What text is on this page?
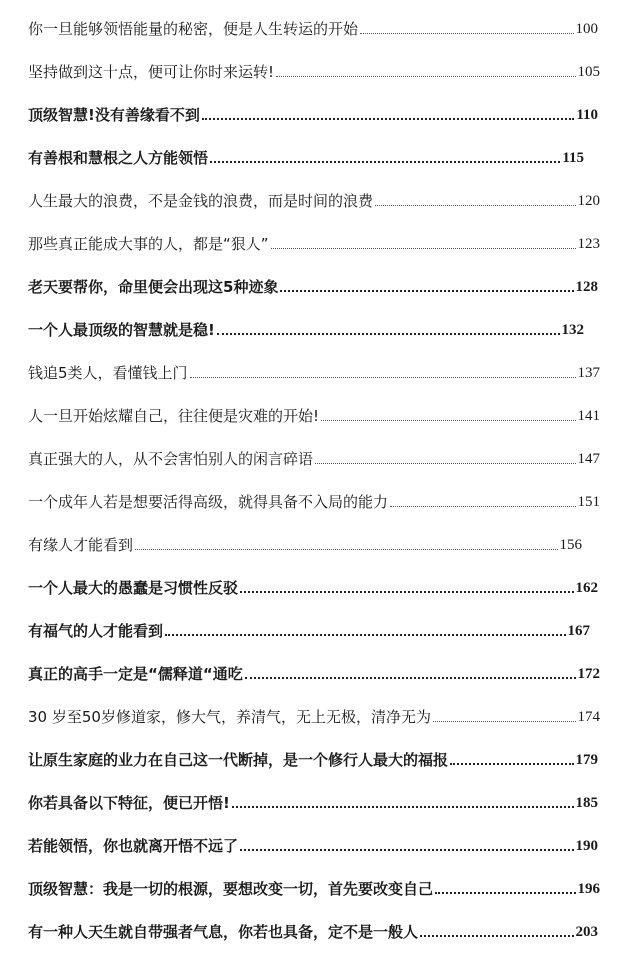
你一旦能够领悟能量的秘密，便是人生转运的开始	100
坚持做到这十点，便可让你时来运转!	105
顶级智慧!没有善缘看不到	110
有善根和慧根之人方能领悟	115
人生最大的浪费，不是金钱的浪费，而是时间的浪费	120
那些真正能成大事的人，都是“狠人”	123
老天要帮你，命里便会出现这5种迹象	128
一个人最顶级的智慧就是稳!	132
钱追5类人，看懂钱上门	137
人一旦开始炫耀自己，往往便是灾难的开始!	141
真正强大的人，从不会害怕别人的闲言碎语	147
一个成年人若是想要活得高级，就得具备不入局的能力	151
有缘人才能看到	156
一个人最大的愚蠢是习惯性反驳	162
有福气的人才能看到	167
真正的高手一定是“儒释道“通吃	172
30 岁至50岁修道家，修大气，养清气，无上无极，清净无为	174
让原生家庭的业力在自己这一代断掉，是一个修行人最大的福报	179
你若具备以下特征，便已开悟!	185
若能领悟，你也就离开悟不远了	190
顶级智慧：我是一切的根源，要想改变一切，首先要改变自己	196
有一种人天生就自带强者气息，你若也具备，定不是一般人	203
